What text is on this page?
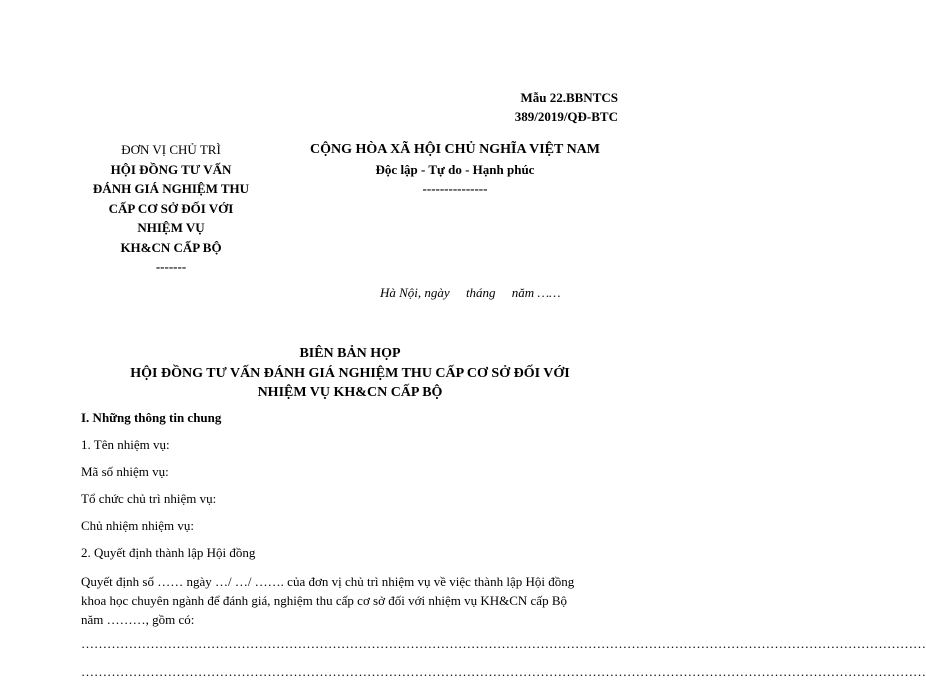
Mẫu 22.BBNTCS
389/2019/QĐ-BTC
ĐƠN VỊ CHỦ TRÌ
HỘI ĐỒNG TƯ VẤN
ĐÁNH GIÁ NGHIỆM THU
CẤP CƠ SỞ ĐỐI VỚI
NHIỆM VỤ
KH&CN CẤP BỘ
-------
CỘNG HÒA XÃ HỘI CHỦ NGHĨA VIỆT NAM
Độc lập - Tự do - Hạnh phúc
---------------
Hà Nội, ngày     tháng     năm ……
BIÊN BẢN HỌP
HỘI ĐỒNG TƯ VẤN ĐÁNH GIÁ NGHIỆM THU CẤP CƠ SỞ ĐỐI VỚI
NHIỆM VỤ KH&CN CẤP BỘ
I. Những thông tin chung
1. Tên nhiệm vụ:
Mã số nhiệm vụ:
Tổ chức chủ trì nhiệm vụ:
Chủ nhiệm nhiệm vụ:
2. Quyết định thành lập Hội đồng
Quyết định số …… ngày …/ …/ ……. của đơn vị chủ trì nhiệm vụ về việc thành lập Hội đồng
khoa học chuyên ngành để đánh giá, nghiệm thu cấp cơ sở đối với nhiệm vụ KH&CN cấp Bộ
năm ………, gồm có:
……………………………………………………………………………………………………………………………………………………………………………
……………………………………………………………………………………………………………………………………………………………………………
